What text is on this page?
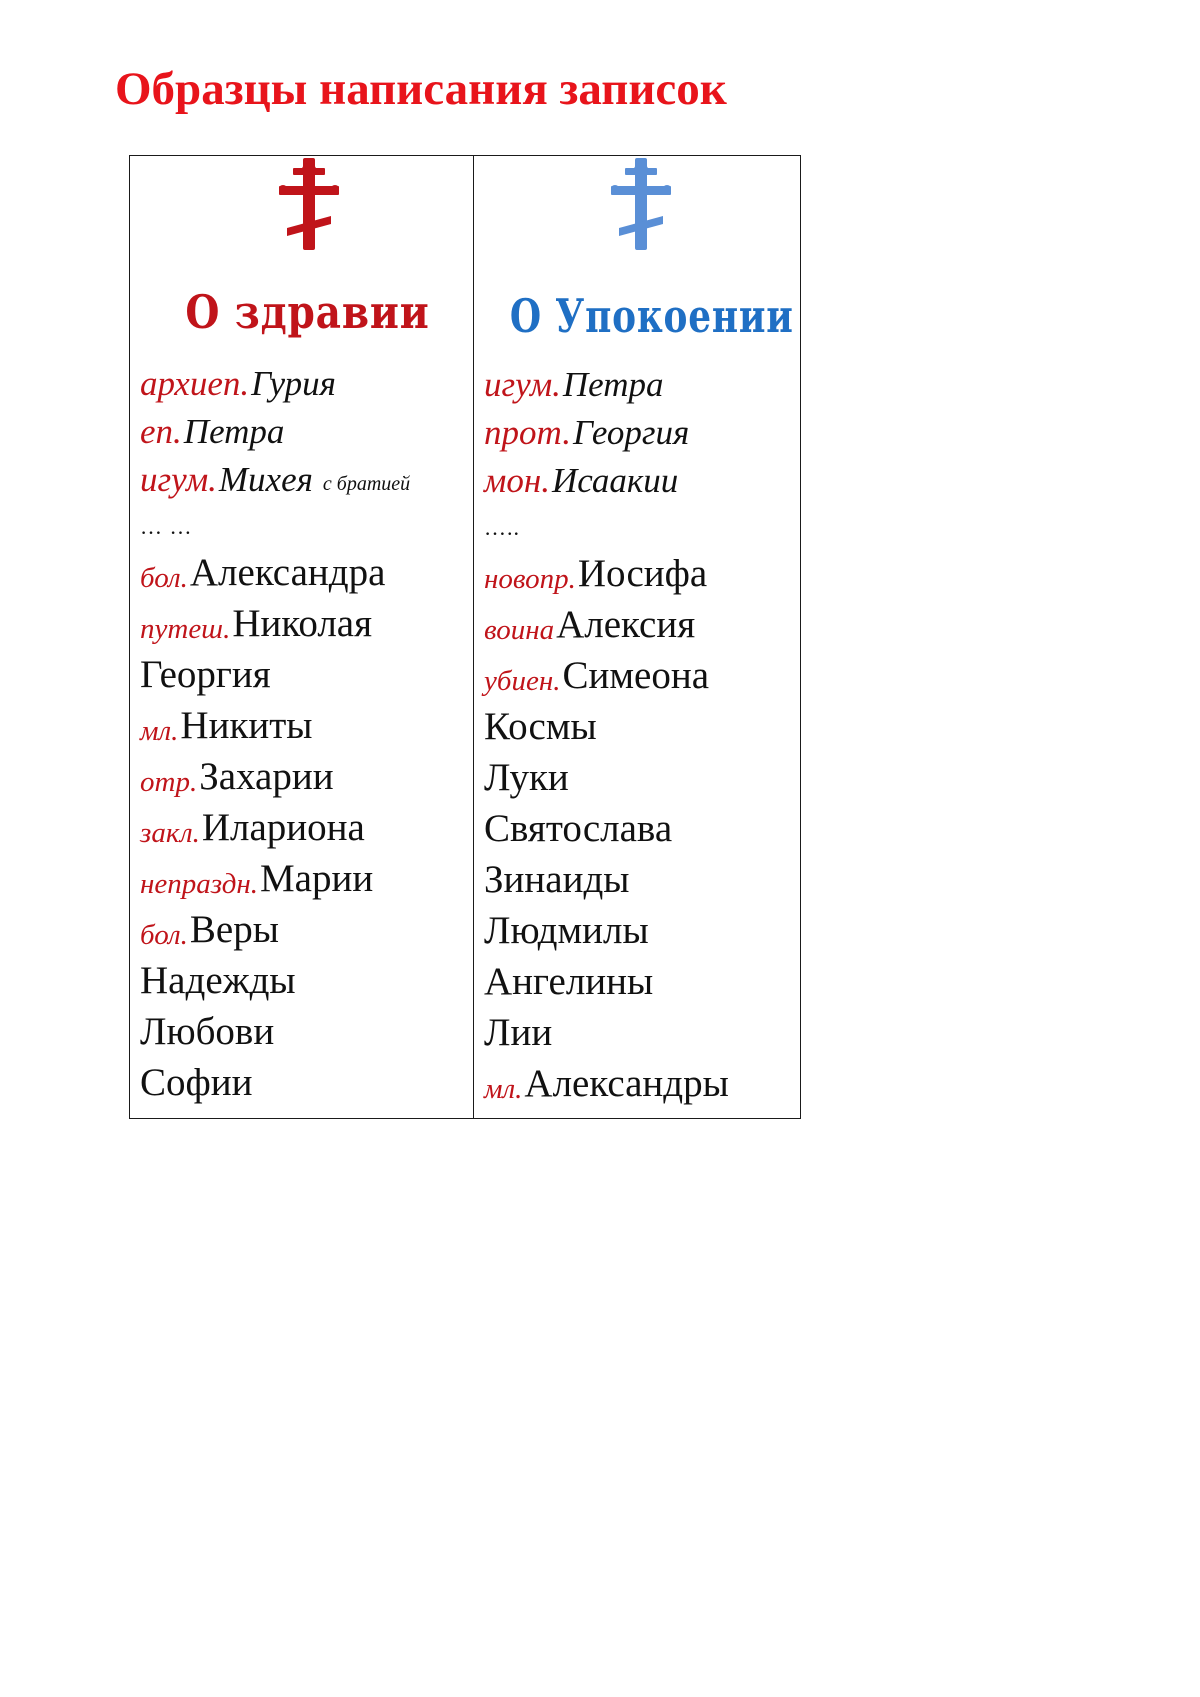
Образцы написания записок
О здравии
архиеп. Гурия
еп. Петра
игум. Михея с братией
… …
бол. Александра
путеш. Николая
Георгия
мл. Никиты
отр. Захарии
закл. Илариона
непраздн. Марии
бол. Веры
Надежды
Любови
Софии
О Упокоении
игум. Петра
прот. Георгия
мон. Исаакии
…..
новопр. Иосифа
воина Алексия
убиен. Симеона
Космы
Луки
Святослава
Зинаиды
Людмилы
Ангелины
Лии
мл. Александры
